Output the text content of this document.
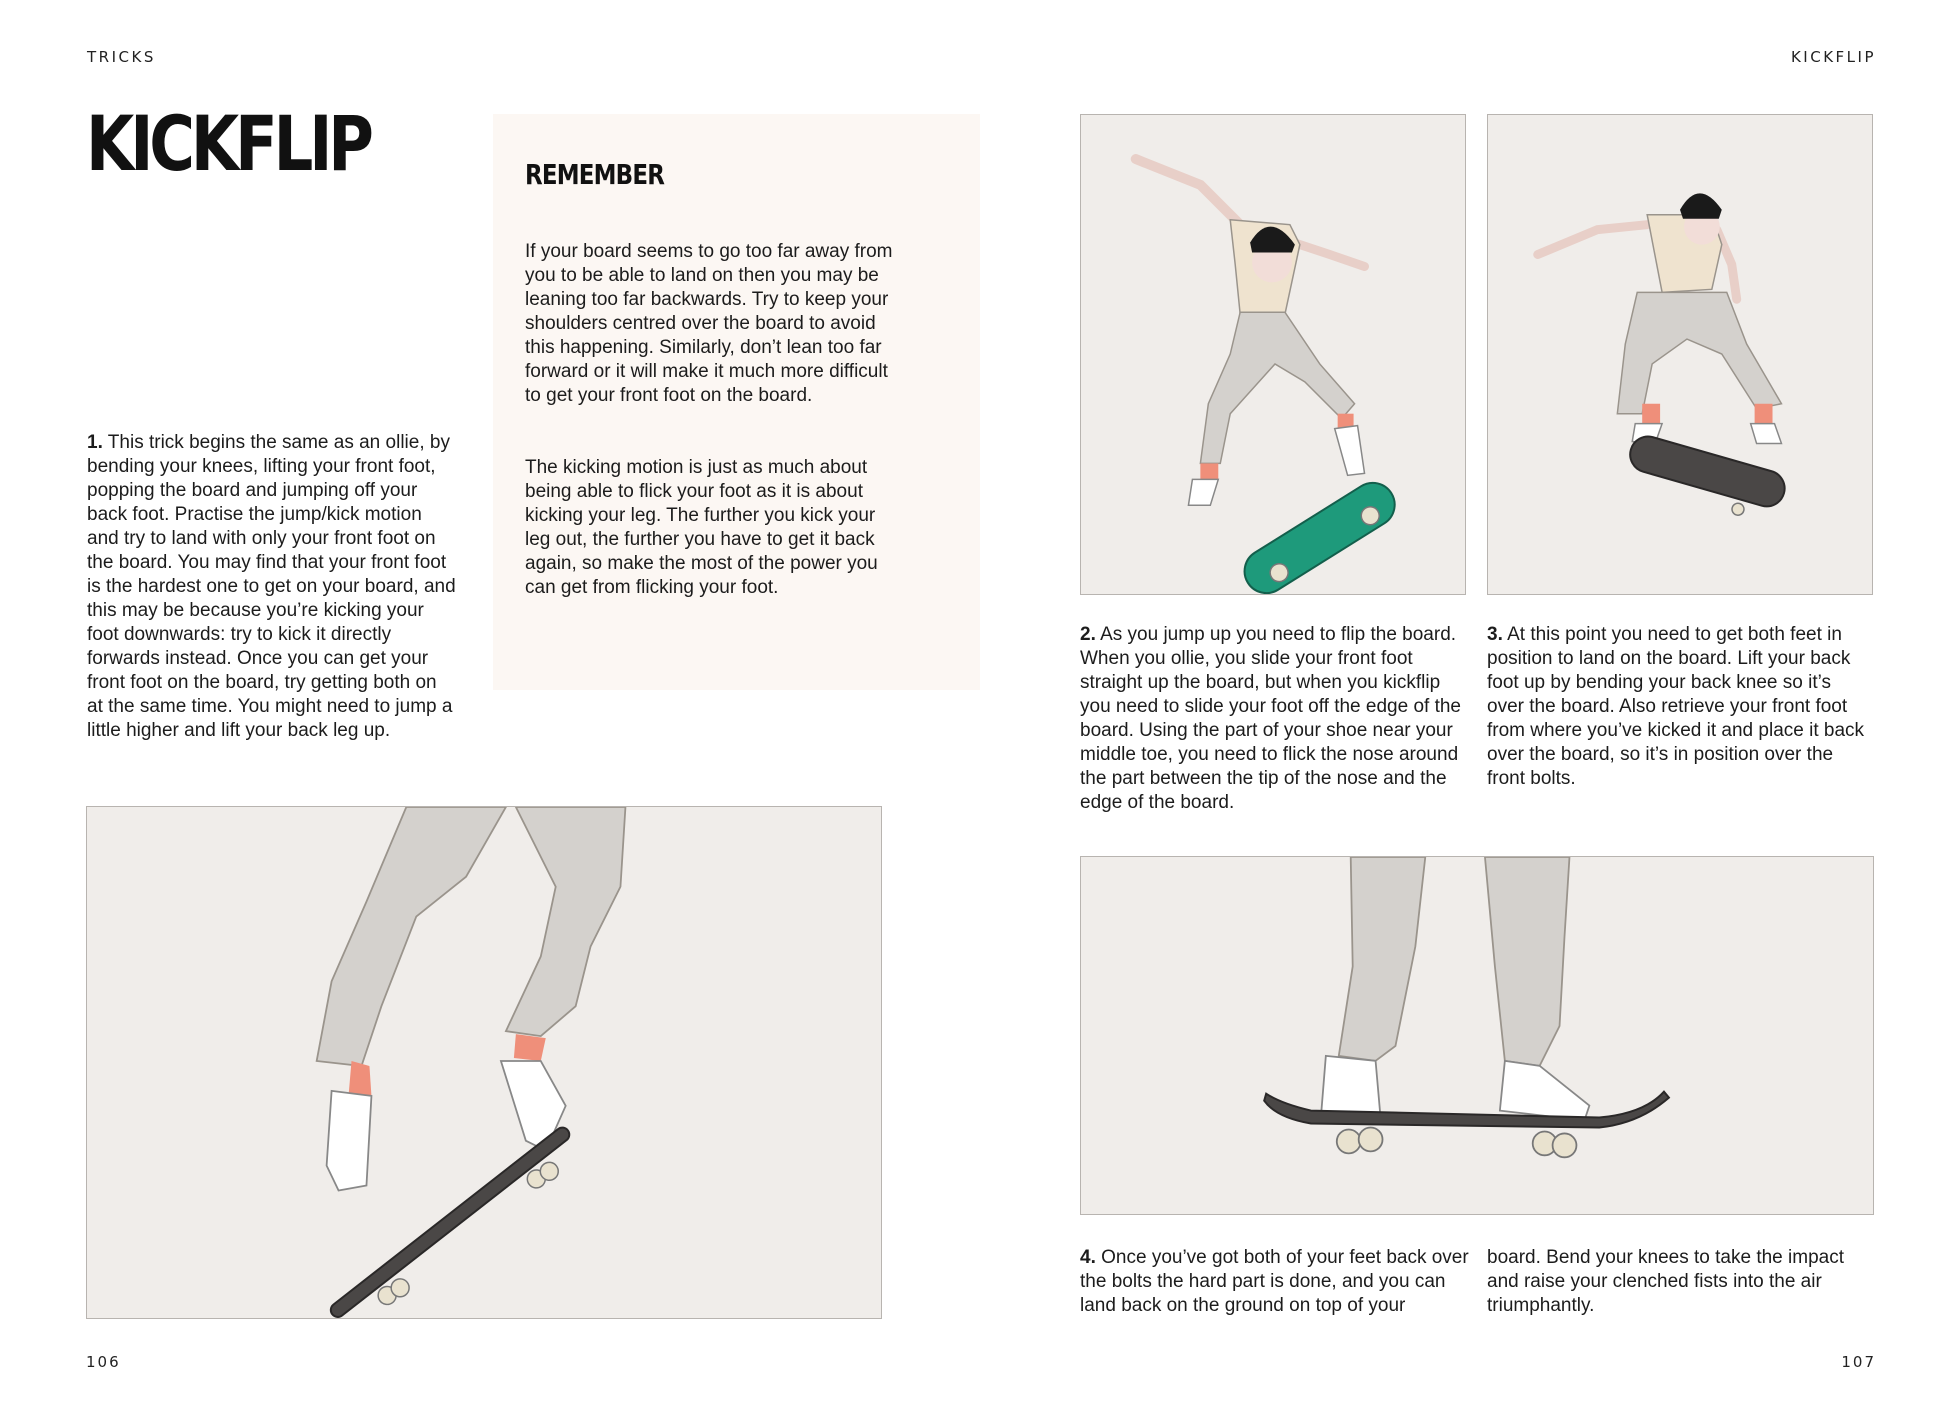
TRICKS	KICKFLIP
KICKFLIP	REMEMBER

If your board seems to go too far away from you to be able to land on then you may be leaning too far backwards. Try to keep your shoulders centred over the board to avoid this happening. Similarly, don’t lean too far forward or it will make it much more difficult to get your front foot on the board.

The kicking motion is just as much about being able to flick your foot as it is about kicking your leg. The further you kick your leg out, the further you have to get it back again, so make the most of the power you can get from flicking your foot.

1. This trick begins the same as an ollie, by bending your knees, lifting your front foot, popping the board and jumping off your back foot. Practise the jump/kick motion and try to land with only your front foot on the board. You may find that your front foot is the hardest one to get on your board, and this may be because you’re kicking your foot downwards: try to kick it directly forwards instead. Once you can get your front foot on the board, try getting both on at the same time. You might need to jump a little higher and lift your back leg up.

2. As you jump up you need to flip the board. When you ollie, you slide your front foot straight up the board, but when you kickflip you need to slide your foot off the edge of the board. Using the part of your shoe near your middle toe, you need to flick the nose around the part between the tip of the nose and the edge of the board.

3. At this point you need to get both feet in position to land on the board. Lift your back foot up by bending your back knee so it’s over the board. Also retrieve your front foot from where you’ve kicked it and place it back over the board, so it’s in position over the front bolts.

4. Once you’ve got both of your feet back over the bolts the hard part is done, and you can land back on the ground on top of your

board. Bend your knees to take the impact and raise your clenched fists into the air triumphantly.

106	107
